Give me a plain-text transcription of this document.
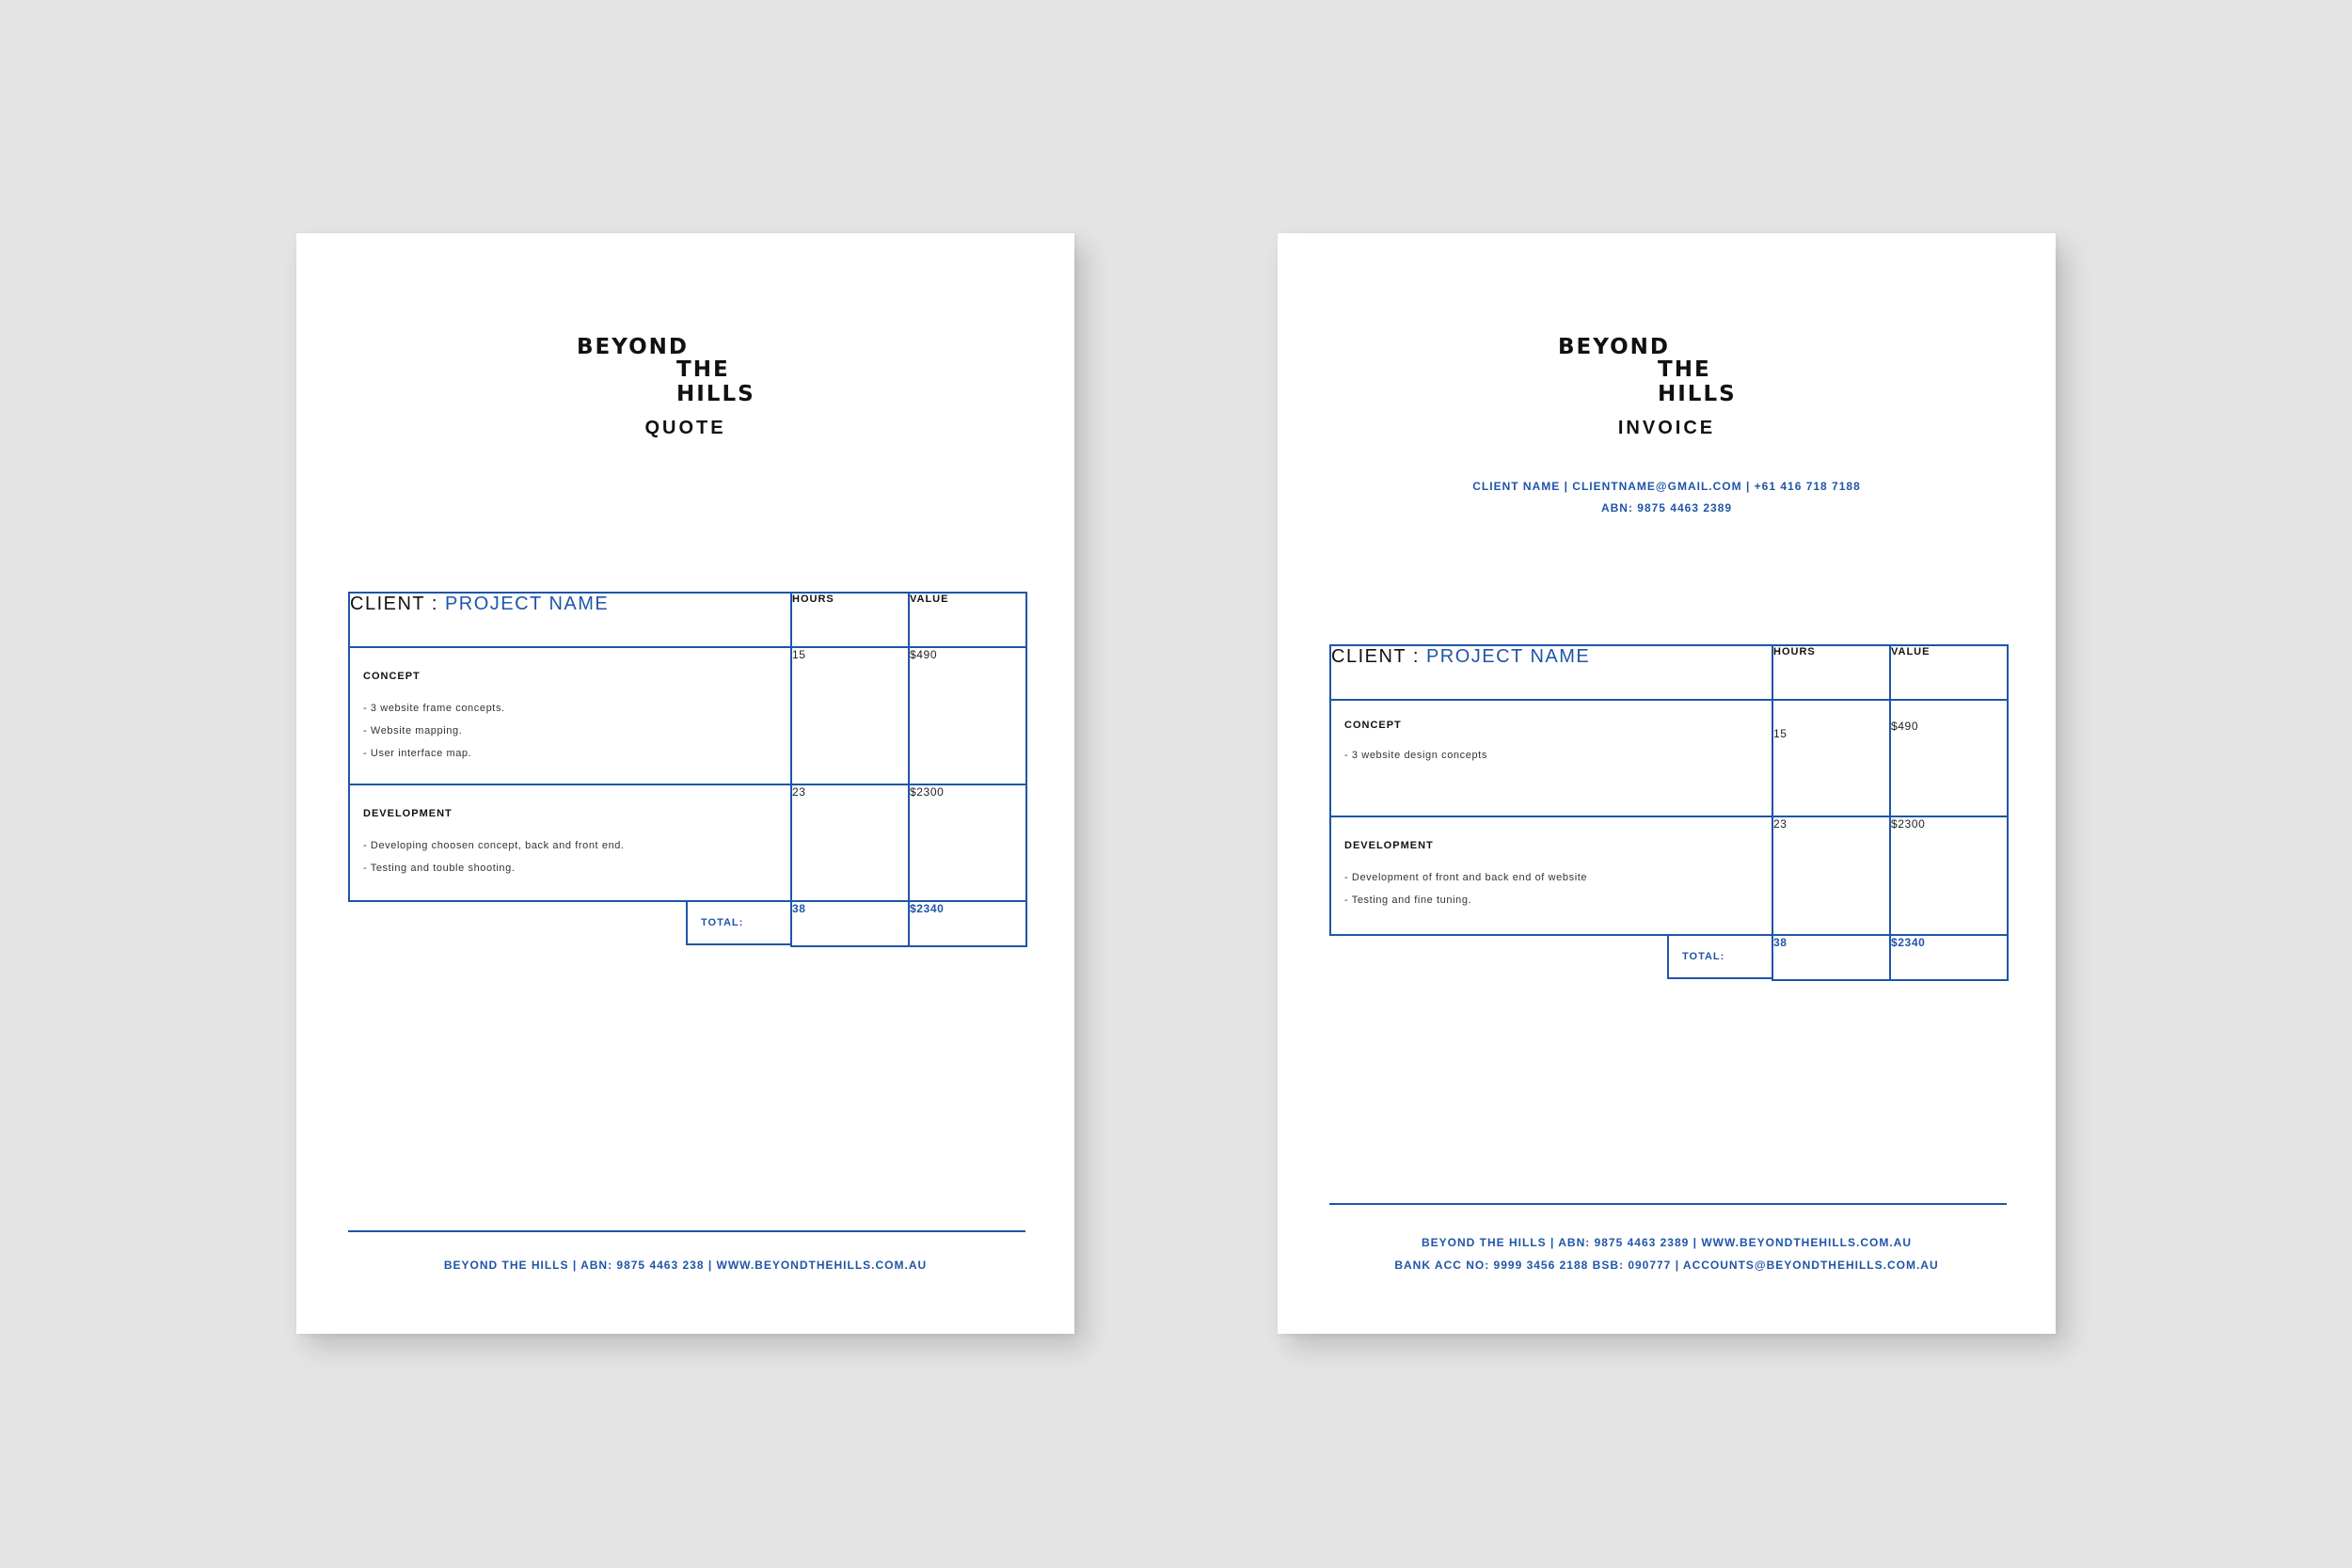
BEYOND
THE HILLS
QUOTE
CLIENT : PROJECT NAME	HOURS	VALUE

CONCEPT
- 3 website frame concepts.
- Website mapping.
- User interface map.	15	$490

DEVELOPMENT
- Developing choosen concept, back and front end.
- Testing and touble shooting.	23	$2300

TOTAL:	38	$2340
BEYOND THE HILLS | ABN: 9875 4463 238 | WWW.BEYONDTHEHILLS.COM.AU
BEYOND
THE HILLS
INVOICE
CLIENT NAME | CLIENTNAME@GMAIL.COM | +61 416 718 7188
ABN: 9875 4463 2389
CLIENT : PROJECT NAME	HOURS	VALUE

CONCEPT
- 3 website design concepts	15	$490

DEVELOPMENT
- Development of front and back end of website
- Testing and fine tuning.	23	$2300

TOTAL:	38	$2340
BEYOND THE HILLS | ABN: 9875 4463 2389 | WWW.BEYONDTHEHILLS.COM.AU
BANK ACC NO: 9999 3456 2188 BSB: 090777 | ACCOUNTS@BEYONDTHEHILLS.COM.AU
